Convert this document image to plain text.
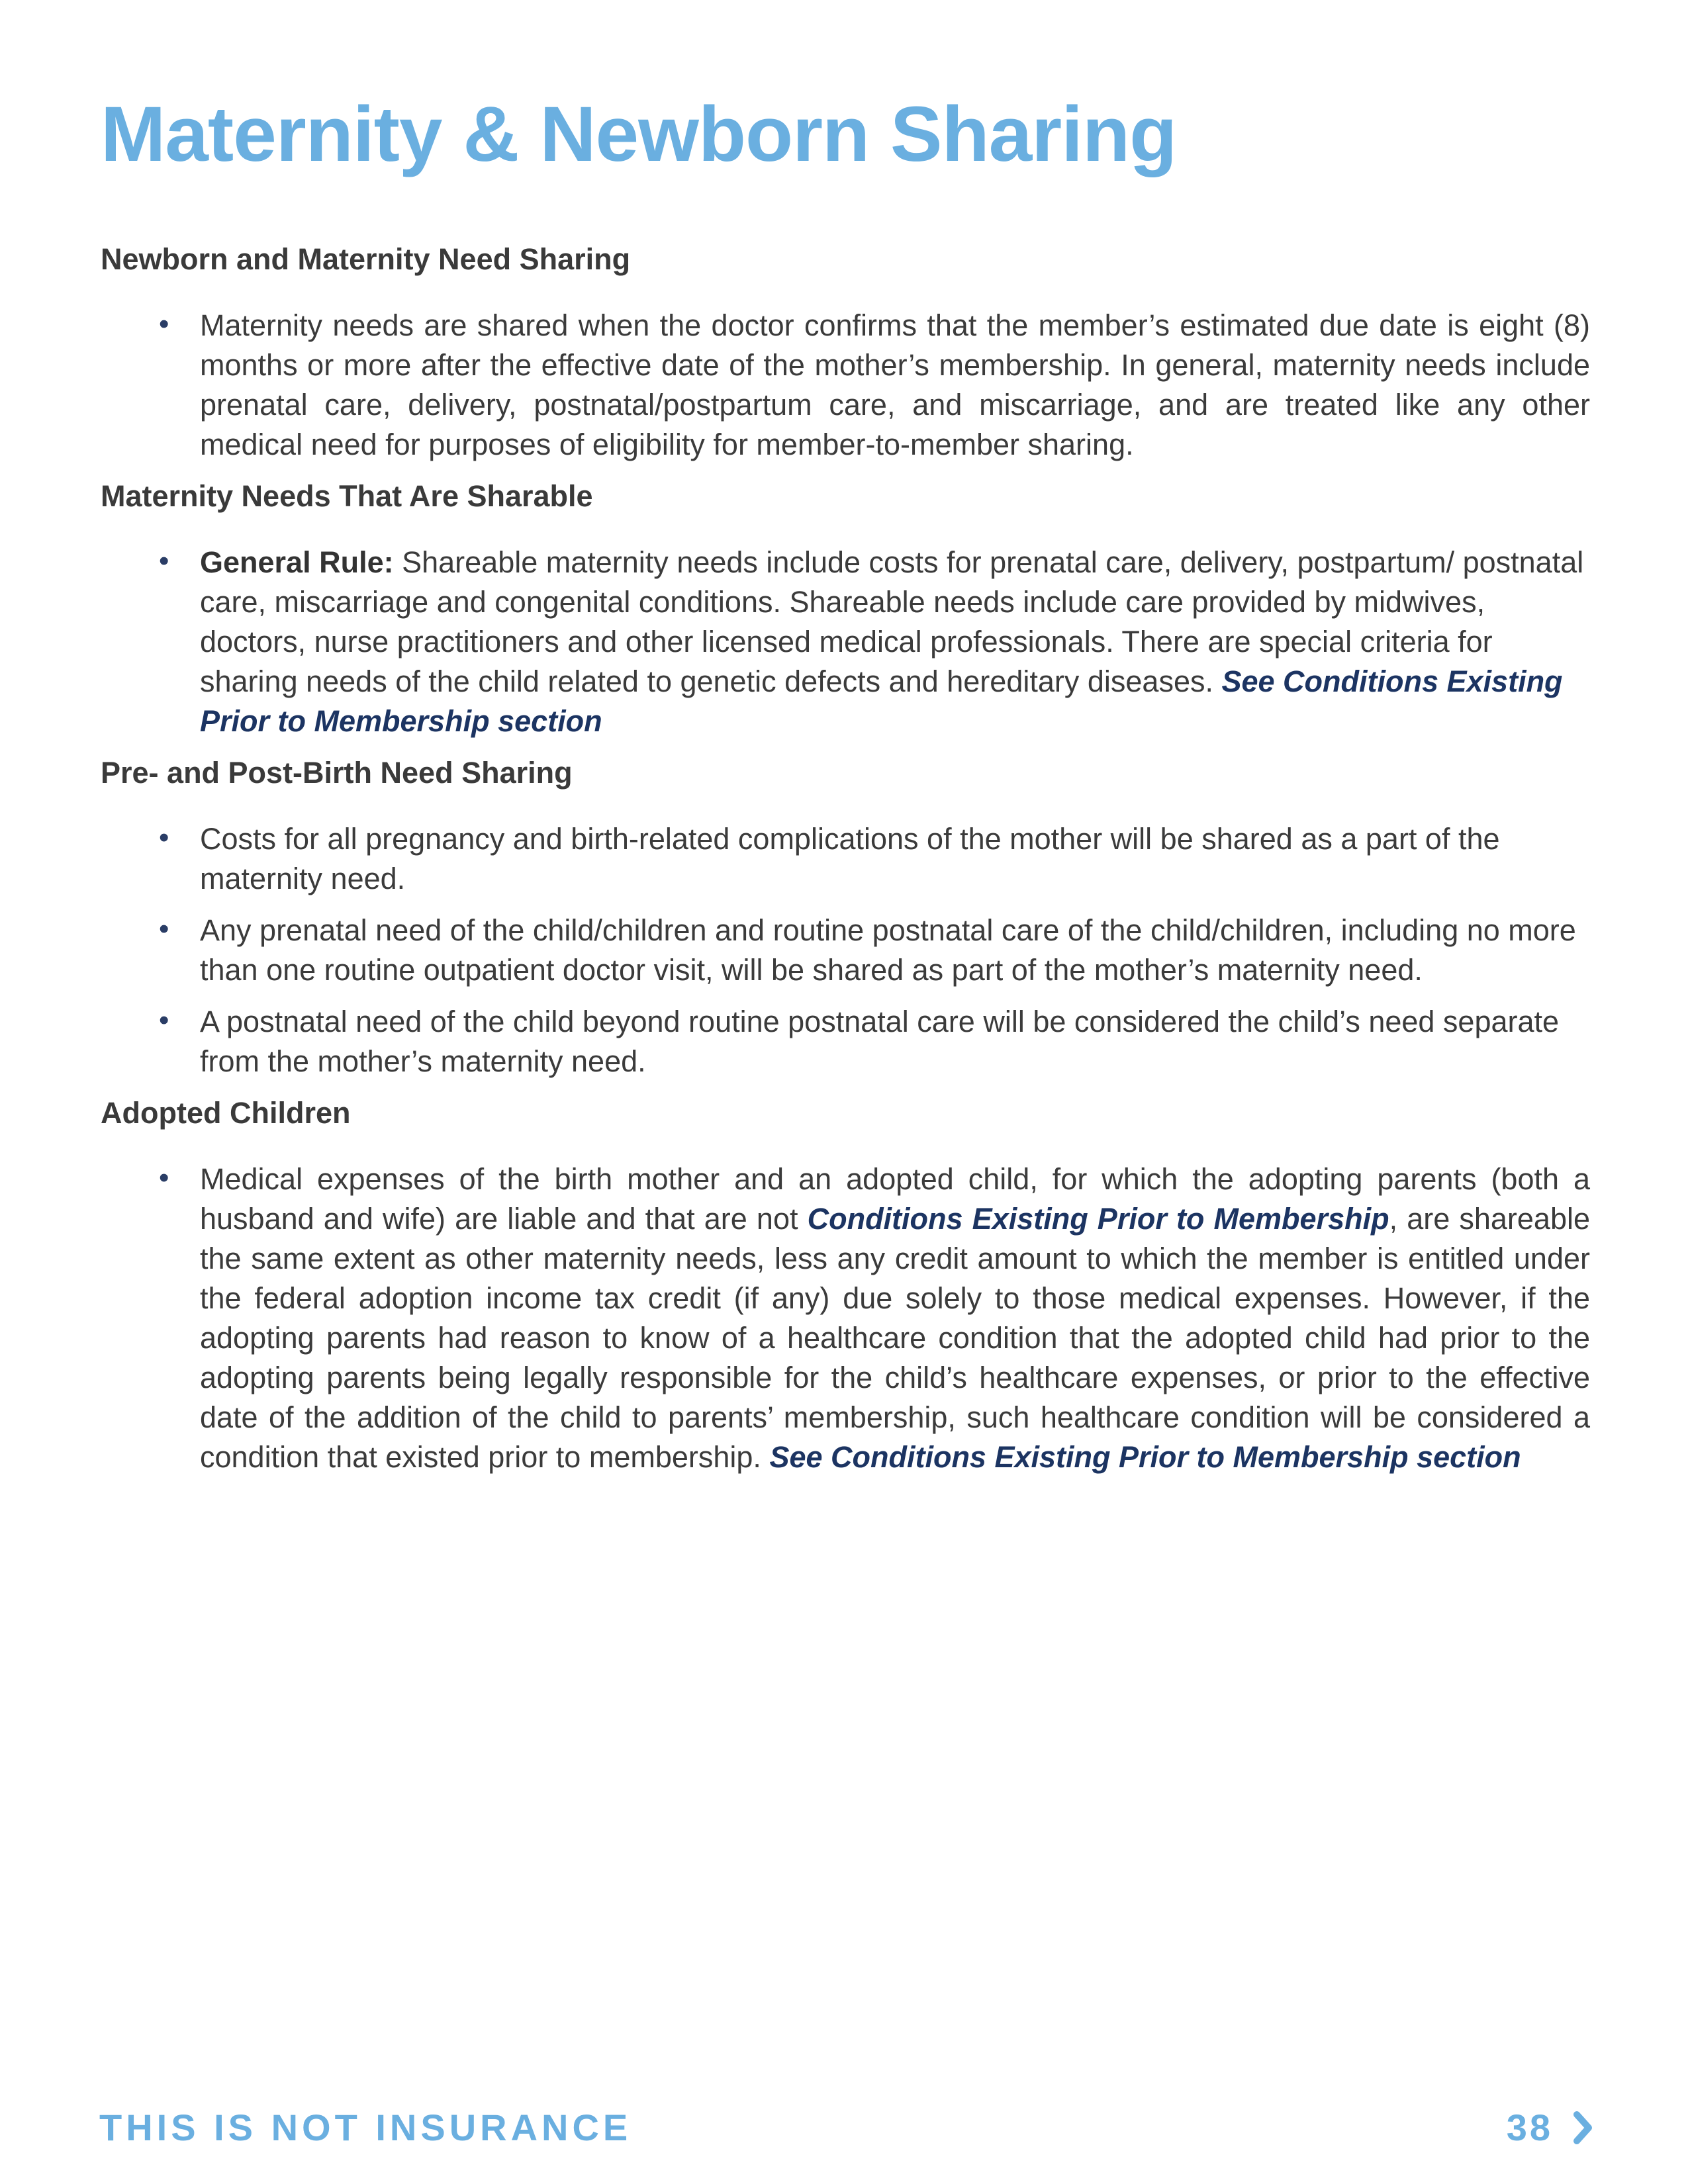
Maternity & Newborn Sharing
Newborn and Maternity Need Sharing
•	Maternity needs are shared when the doctor confirms that the member’s estimated due date is eight (8) months or more after the effective date of the mother’s membership. In general, maternity needs include prenatal care, delivery, postnatal/postpartum care, and miscarriage, and are treated like any other medical need for purposes of eligibility for member-to-member sharing.
Maternity Needs That Are Sharable
•	General Rule: Shareable maternity needs include costs for prenatal care, delivery, postpartum/ postnatal care, miscarriage and congenital conditions. Shareable needs include care provided by midwives, doctors, nurse practitioners and other licensed medical professionals. There are special criteria for sharing needs of the child related to genetic defects and hereditary diseases. See Conditions Existing Prior to Membership section
Pre- and Post-Birth Need Sharing
•	Costs for all pregnancy and birth-related complications of the mother will be shared as a part of the maternity need.
•	Any prenatal need of the child/children and routine postnatal care of the child/children, including no more than one routine outpatient doctor visit, will be shared as part of the mother’s maternity need.
•	A postnatal need of the child beyond routine postnatal care will be considered the child’s need separate from the mother’s maternity need.
Adopted Children
•	Medical expenses of the birth mother and an adopted child, for which the adopting parents (both a husband and wife) are liable and that are not Conditions Existing Prior to Membership, are shareable the same extent as other maternity needs, less any credit amount to which the member is entitled under the federal adoption income tax credit (if any) due solely to those medical expenses. However, if the adopting parents had reason to know of a healthcare condition that the adopted child had prior to the adopting parents being legally responsible for the child’s healthcare expenses, or prior to the effective date of the addition of the child to parents’ membership, such healthcare condition will be considered a condition that existed prior to membership. See Conditions Existing Prior to Membership section
THIS IS NOT INSURANCE	38
